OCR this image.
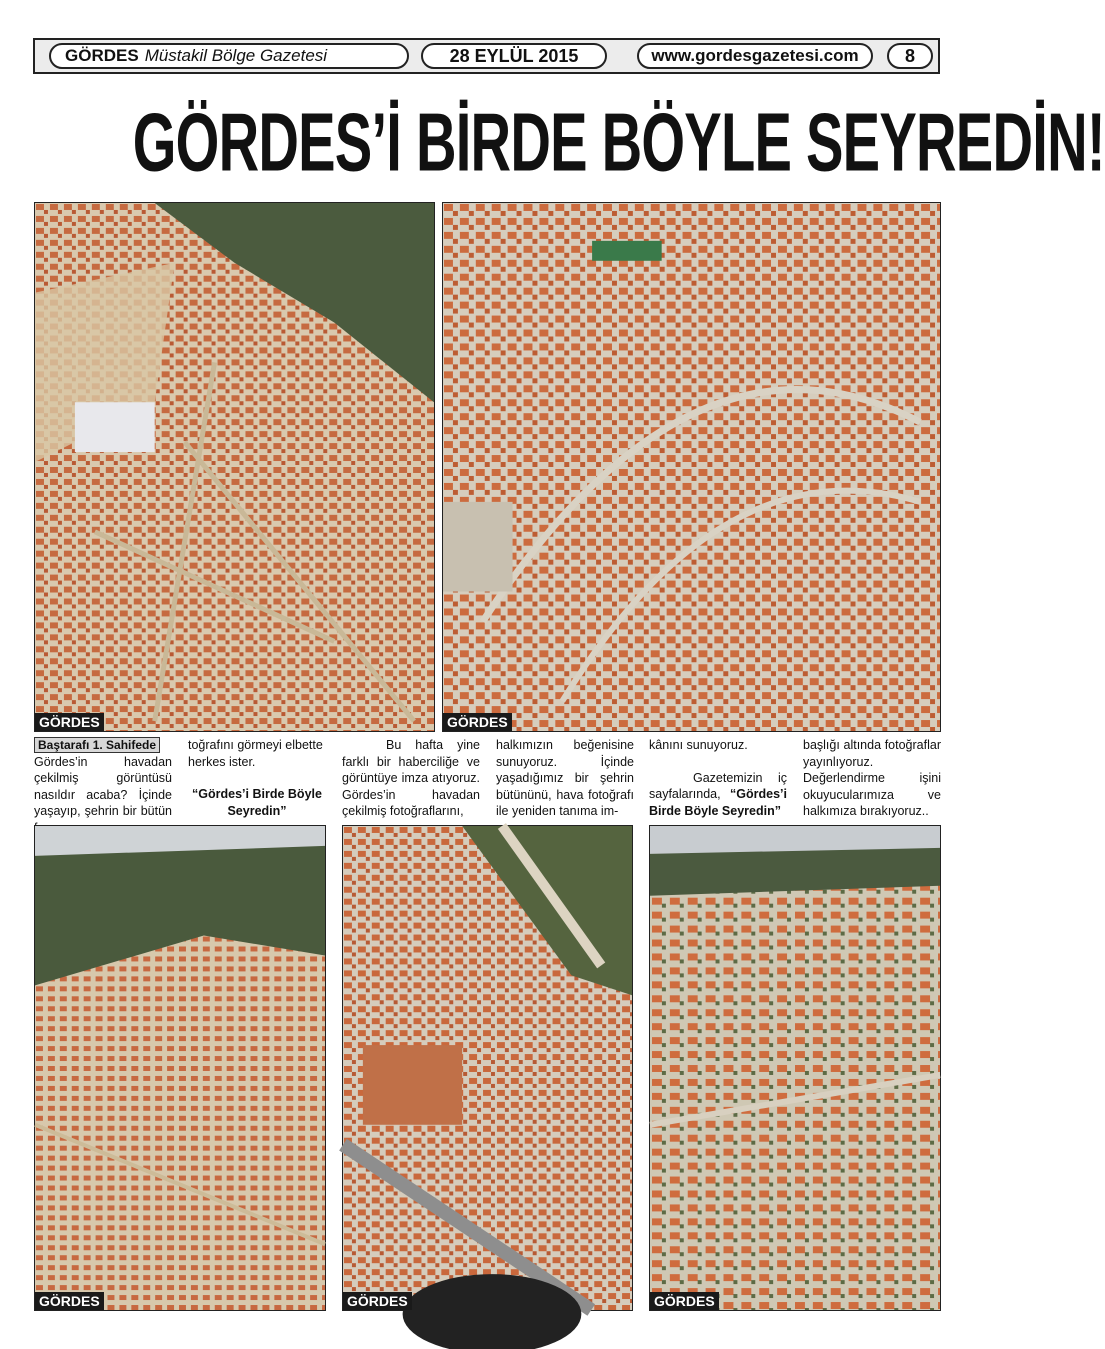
GÖRDES Müstakil Bölge Gazetesi	28 EYLÜL 2015	www.gordesgazetesi.com	8
GÖRDES’İ BİRDE BÖYLE SEYREDİN!
GÖRDES	GÖRDES
Baştarafı 1. Sahifede

Gördes’in havadan çekilmiş görüntüsü nasıldır acaba? İçinde yaşayıp, şehrin bir bütün

toğrafını görmeyi elbette herkes ister.

“Gördes’i Birde Böyle Seyredin”

Bu hafta yine farklı bir haberciliğe ve görüntüye imza atıyoruz. Gördes’in havadan çekilmiş fotoğraflarını,

halkımızın beğenisine sunuyoruz. İçinde yaşadığımız bir şehrin bütününü, hava fotoğrafı ile yeniden tanıma im-

kânını sunuyoruz.

Gazetemizin iç sayfalarında, “Gördes’i Birde Böyle Seyredin”

başlığı altında fotoğraflar yayınlıyoruz. Değerlendirme işini okuyucularımıza ve halkımıza bırakıyoruz..

GÖRDES	GÖRDES	GÖRDES
